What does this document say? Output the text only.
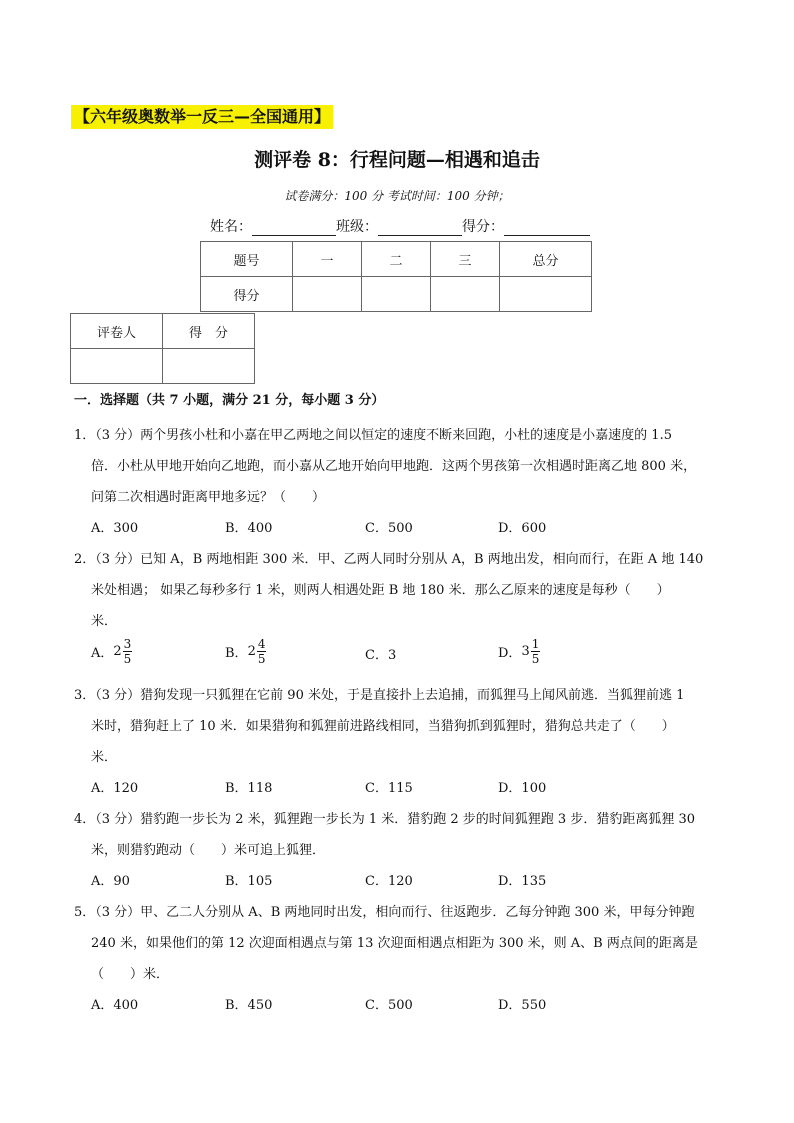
【六年级奥数举一反三—全国通用】
测评卷 8：行程问题—相遇和追击
试卷满分：100 分 考试时间：100 分钟；
姓名：	班级：	得分：
题号	一	二	三	总分
得分				
评卷人	得　分

一．选择题（共 7 小题，满分 21 分，每小题 3 分）
1．（3 分）两个男孩小杜和小嘉在甲乙两地之间以恒定的速度不断来回跑，小杜的速度是小嘉速度的 1.5
倍．小杜从甲地开始向乙地跑，而小嘉从乙地开始向甲地跑．这两个男孩第一次相遇时距离乙地 800 米，
问第二次相遇时距离甲地多远？（　　）
A．300	B．400	C．500	D．600
2．（3 分）已知 A，B 两地相距 300 米．甲、乙两人同时分别从 A，B 两地出发，相向而行，在距 A 地 140
米处相遇； 如果乙每秒多行 1 米，则两人相遇处距 B 地 180 米．那么乙原来的速度是每秒（　　）
米．
A．$2 \frac{3}{5}$	B．$2 \frac{4}{5}$	C．3	D．$3 \frac{1}{5}$
3．（3 分）猎狗发现一只狐狸在它前 90 米处，于是直接扑上去追捕，而狐狸马上闻风前逃．当狐狸前逃 1
米时，猎狗赶上了 10 米．如果猎狗和狐狸前进路线相同，当猎狗抓到狐狸时，猎狗总共走了（　　）
米．
A．120	B．118	C．115	D．100
4．（3 分）猎豹跑一步长为 2 米，狐狸跑一步长为 1 米．猎豹跑 2 步的时间狐狸跑 3 步．猎豹距离狐狸 30
米，则猎豹跑动（　　）米可追上狐狸．
A．90	B．105	C．120	D．135
5．（3 分）甲、乙二人分别从 A、B 两地同时出发，相向而行、往返跑步．乙每分钟跑 300 米，甲每分钟跑
240 米，如果他们的第 12 次迎面相遇点与第 13 次迎面相遇点相距为 300 米，则 A、B 两点间的距离是
（　　）米．
A．400	B．450	C．500	D．550
